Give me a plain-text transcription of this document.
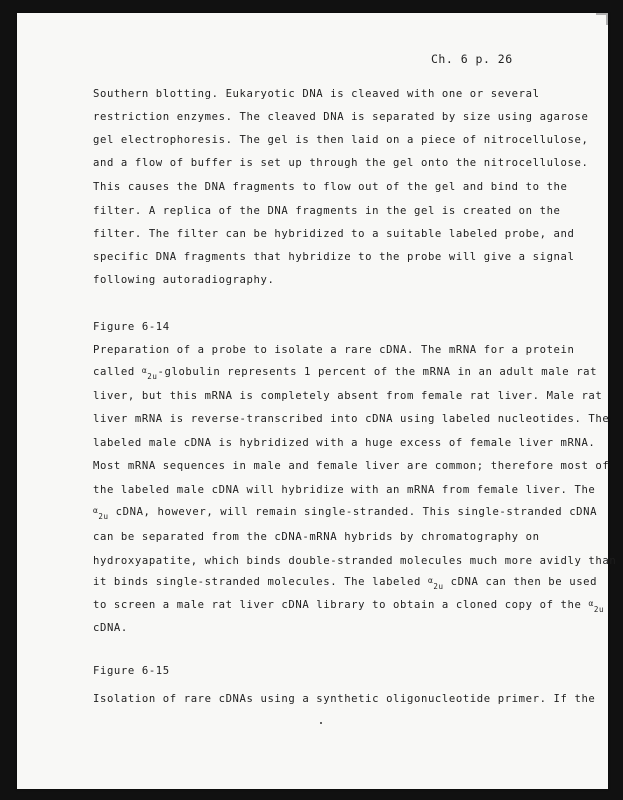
Ch. 6 p. 26
Southern blotting. Eukaryotic DNA is cleaved with one or several
restriction enzymes. The cleaved DNA is separated by size using agarose
gel electrophoresis. The gel is then laid on a piece of nitrocellulose,
and a flow of buffer is set up through the gel onto the nitrocellulose.
This causes the DNA fragments to flow out of the gel and bind to the
filter. A replica of the DNA fragments in the gel is created on the
filter. The filter can be hybridized to a suitable labeled probe, and
specific DNA fragments that hybridize to the probe will give a signal
following autoradiography.
Figure 6-14
Preparation of a probe to isolate a rare cDNA. The mRNA for a protein
called $\alpha_{2u}$-globulin represents 1 percent of the mRNA in an adult male rat
liver, but this mRNA is completely absent from female rat liver. Male rat
liver mRNA is reverse-transcribed into cDNA using labeled nucleotides. The
labeled male cDNA is hybridized with a huge excess of female liver mRNA.
Most mRNA sequences in male and female liver are common; therefore most of
the labeled male cDNA will hybridize with an mRNA from female liver. The
$\alpha_{2u}$ cDNA, however, will remain single-stranded. This single-stranded cDNA
can be separated from the cDNA-mRNA hybrids by chromatography on
hydroxyapatite, which binds double-stranded molecules much more avidly than
it binds single-stranded molecules. The labeled $\alpha_{2u}$ cDNA can then be used
to screen a male rat liver cDNA library to obtain a cloned copy of the $\alpha_{2u}$
cDNA.
Figure 6-15
Isolation of rare cDNAs using a synthetic oligonucleotide primer. If the
